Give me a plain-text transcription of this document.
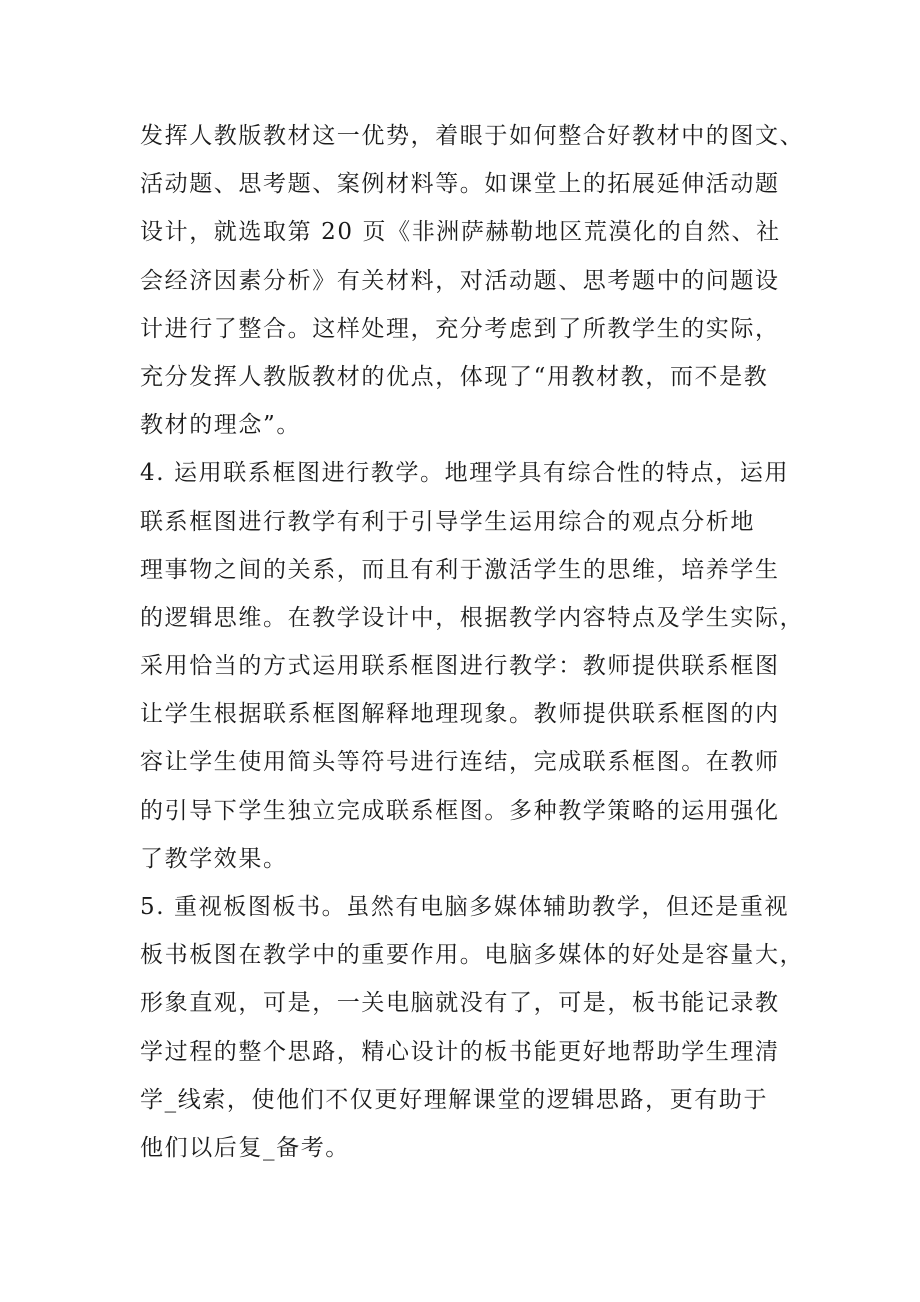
发挥人教版教材这一优势，着眼于如何整合好教材中的图文、
活动题、思考题、案例材料等。如课堂上的拓展延伸活动题
设计，就选取第 20 页《非洲萨赫勒地区荒漠化的自然、社
会经济因素分析》有关材料，对活动题、思考题中的问题设
计进行了整合。这样处理，充分考虑到了所教学生的实际，
充分发挥人教版教材的优点，体现了“用教材教，而不是教
教材的理念”。
4. 运用联系框图进行教学。地理学具有综合性的特点，运用
联系框图进行教学有利于引导学生运用综合的观点分析地
理事物之间的关系，而且有利于激活学生的思维，培养学生
的逻辑思维。在教学设计中，根据教学内容特点及学生实际，
采用恰当的方式运用联系框图进行教学：教师提供联系框图
让学生根据联系框图解释地理现象。教师提供联系框图的内
容让学生使用简头等符号进行连结，完成联系框图。在教师
的引导下学生独立完成联系框图。多种教学策略的运用强化
了教学效果。
5. 重视板图板书。虽然有电脑多媒体辅助教学，但还是重视
板书板图在教学中的重要作用。电脑多媒体的好处是容量大，
形象直观，可是，一关电脑就没有了，可是，板书能记录教
学过程的整个思路，精心设计的板书能更好地帮助学生理清
学_线索，使他们不仅更好理解课堂的逻辑思路，更有助于
他们以后复_备考。
